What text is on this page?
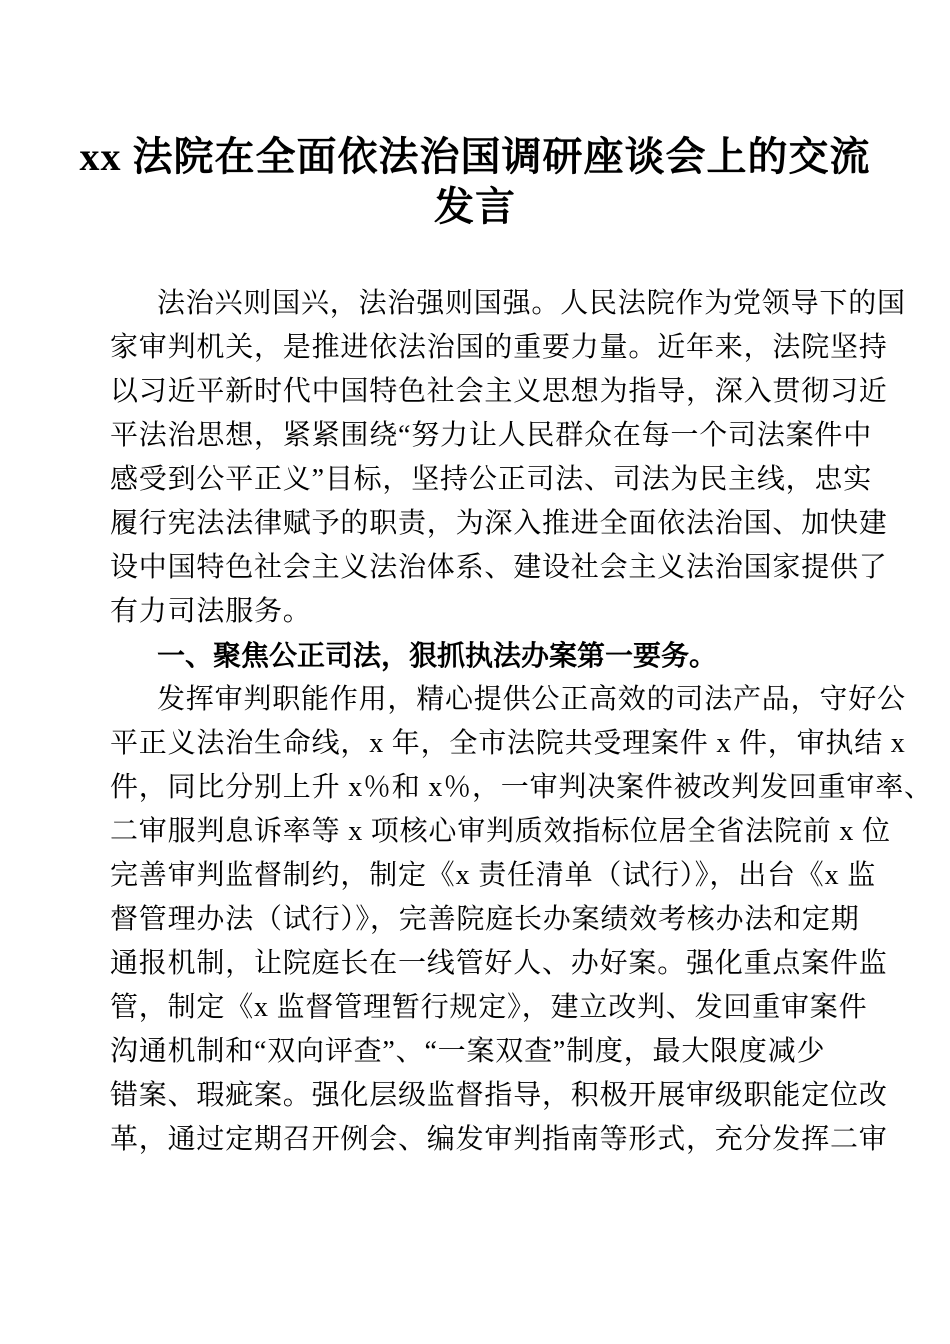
xx 法院在全面依法治国调研座谈会上的交流
发言
法治兴则国兴，法治强则国强。人民法院作为党领导下的国
家审判机关，是推进依法治国的重要力量。近年来，法院坚持
以习近平新时代中国特色社会主义思想为指导，深入贯彻习近
平法治思想，紧紧围绕“努力让人民群众在每一个司法案件中
感受到公平正义”目标，坚持公正司法、司法为民主线，忠实
履行宪法法律赋予的职责，为深入推进全面依法治国、加快建
设中国特色社会主义法治体系、建设社会主义法治国家提供了
有力司法服务。
一、聚焦公正司法，狠抓执法办案第一要务。
发挥审判职能作用，精心提供公正高效的司法产品，守好公
平正义法治生命线，x 年，全市法院共受理案件 x 件，审执结 x
件，同比分别上升 x％和 x％，一审判决案件被改判发回重审率、
二审服判息诉率等 x 项核心审判质效指标位居全省法院前 x 位
完善审判监督制约，制定《x 责任清单（试行）》，出台《x 监
督管理办法（试行）》，完善院庭长办案绩效考核办法和定期
通报机制，让院庭长在一线管好人、办好案。强化重点案件监
管，制定《x 监督管理暂行规定》，建立改判、发回重审案件
沟通机制和“双向评查”、“一案双查”制度，最大限度减少
错案、瑕疵案。强化层级监督指导，积极开展审级职能定位改
革，通过定期召开例会、编发审判指南等形式，充分发挥二审
